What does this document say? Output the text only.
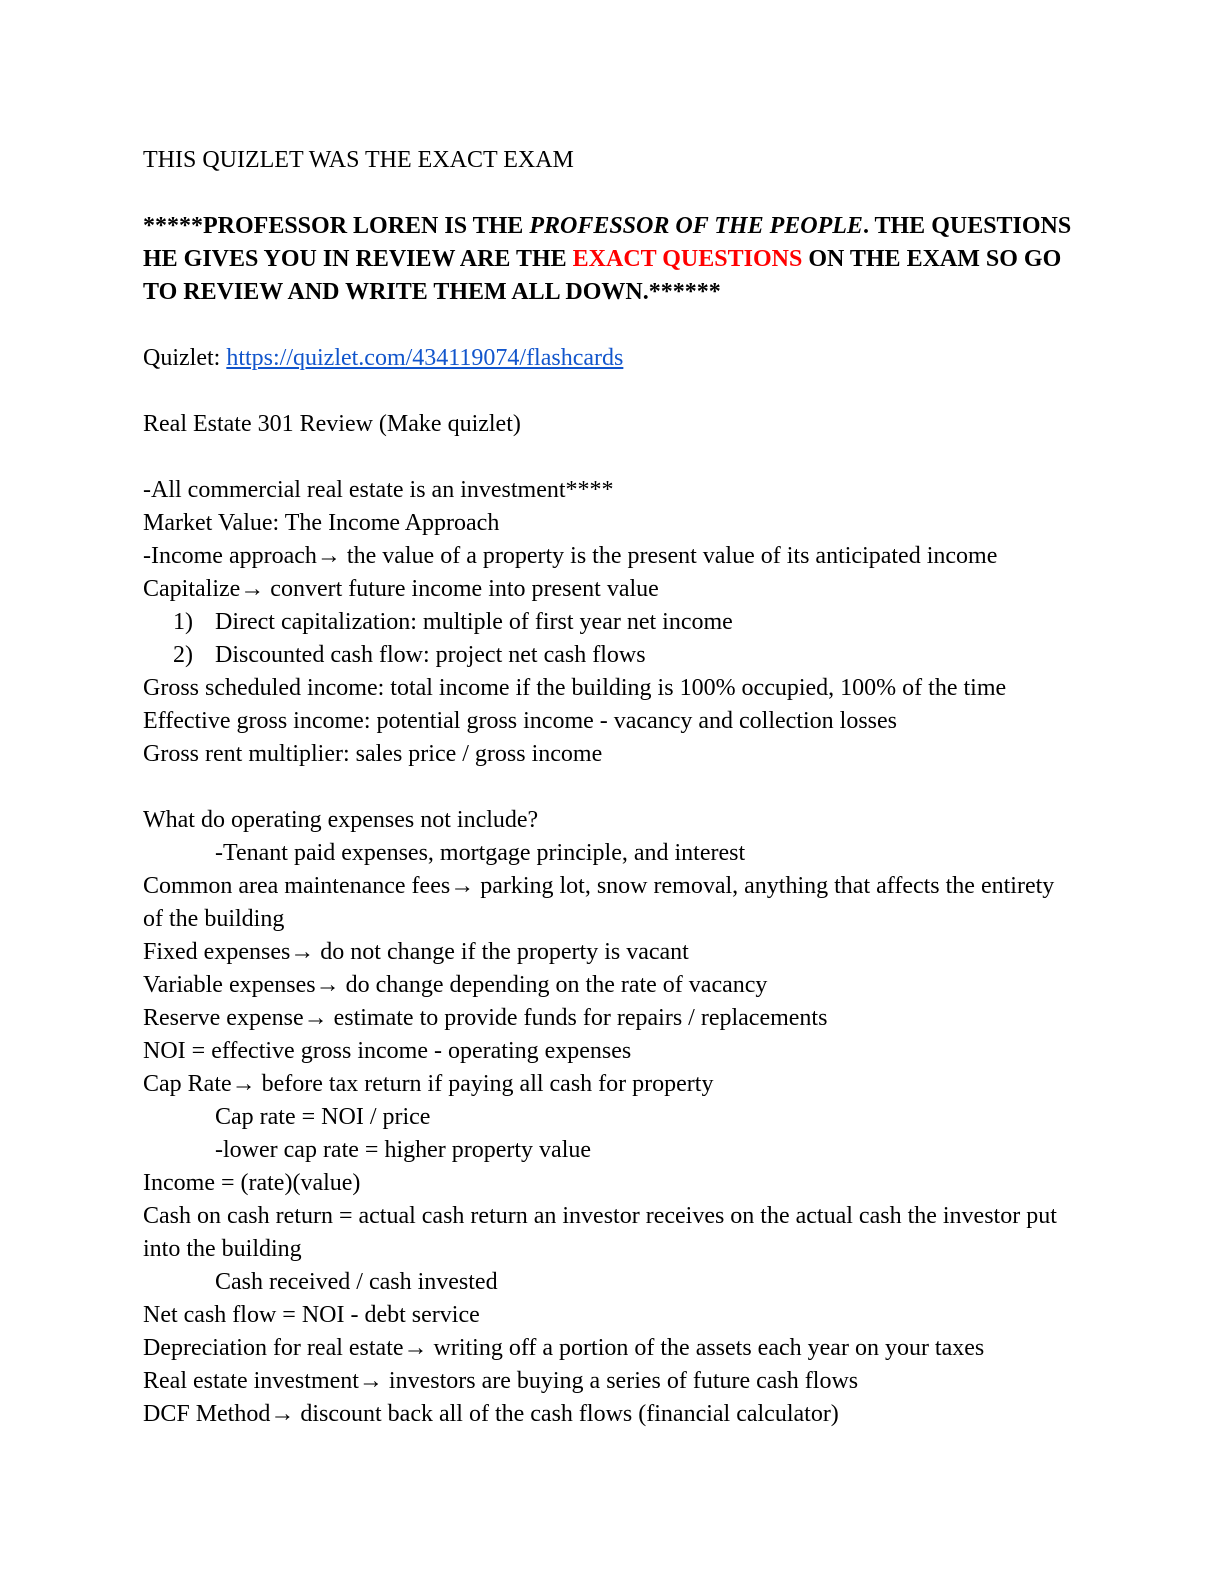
THIS QUIZLET WAS THE EXACT EXAM

*****PROFESSOR LOREN IS THE PROFESSOR OF THE PEOPLE. THE QUESTIONS HE GIVES YOU IN REVIEW ARE THE EXACT QUESTIONS ON THE EXAM SO GO TO REVIEW AND WRITE THEM ALL DOWN.******

Quizlet: https://quizlet.com/434119074/flashcards

Real Estate 301 Review (Make quizlet)

-All commercial real estate is an investment****

Market Value: The Income Approach

-Income approach→ the value of a property is the present value of its anticipated income

Capitalize→ convert future income into present value

1) Direct capitalization: multiple of first year net income

2) Discounted cash flow: project net cash flows

Gross scheduled income: total income if the building is 100% occupied, 100% of the time

Effective gross income: potential gross income - vacancy and collection losses

Gross rent multiplier: sales price / gross income

What do operating expenses not include?

-Tenant paid expenses, mortgage principle, and interest

Common area maintenance fees→ parking lot, snow removal, anything that affects the entirety of the building

Fixed expenses→ do not change if the property is vacant

Variable expenses→ do change depending on the rate of vacancy

Reserve expense→ estimate to provide funds for repairs / replacements

NOI = effective gross income - operating expenses

Cap Rate→ before tax return if paying all cash for property

Cap rate = NOI / price

-lower cap rate = higher property value

Income = (rate)(value)

Cash on cash return = actual cash return an investor receives on the actual cash the investor put into the building

Cash received / cash invested

Net cash flow = NOI - debt service

Depreciation for real estate→ writing off a portion of the assets each year on your taxes

Real estate investment→ investors are buying a series of future cash flows

DCF Method→ discount back all of the cash flows (financial calculator)
